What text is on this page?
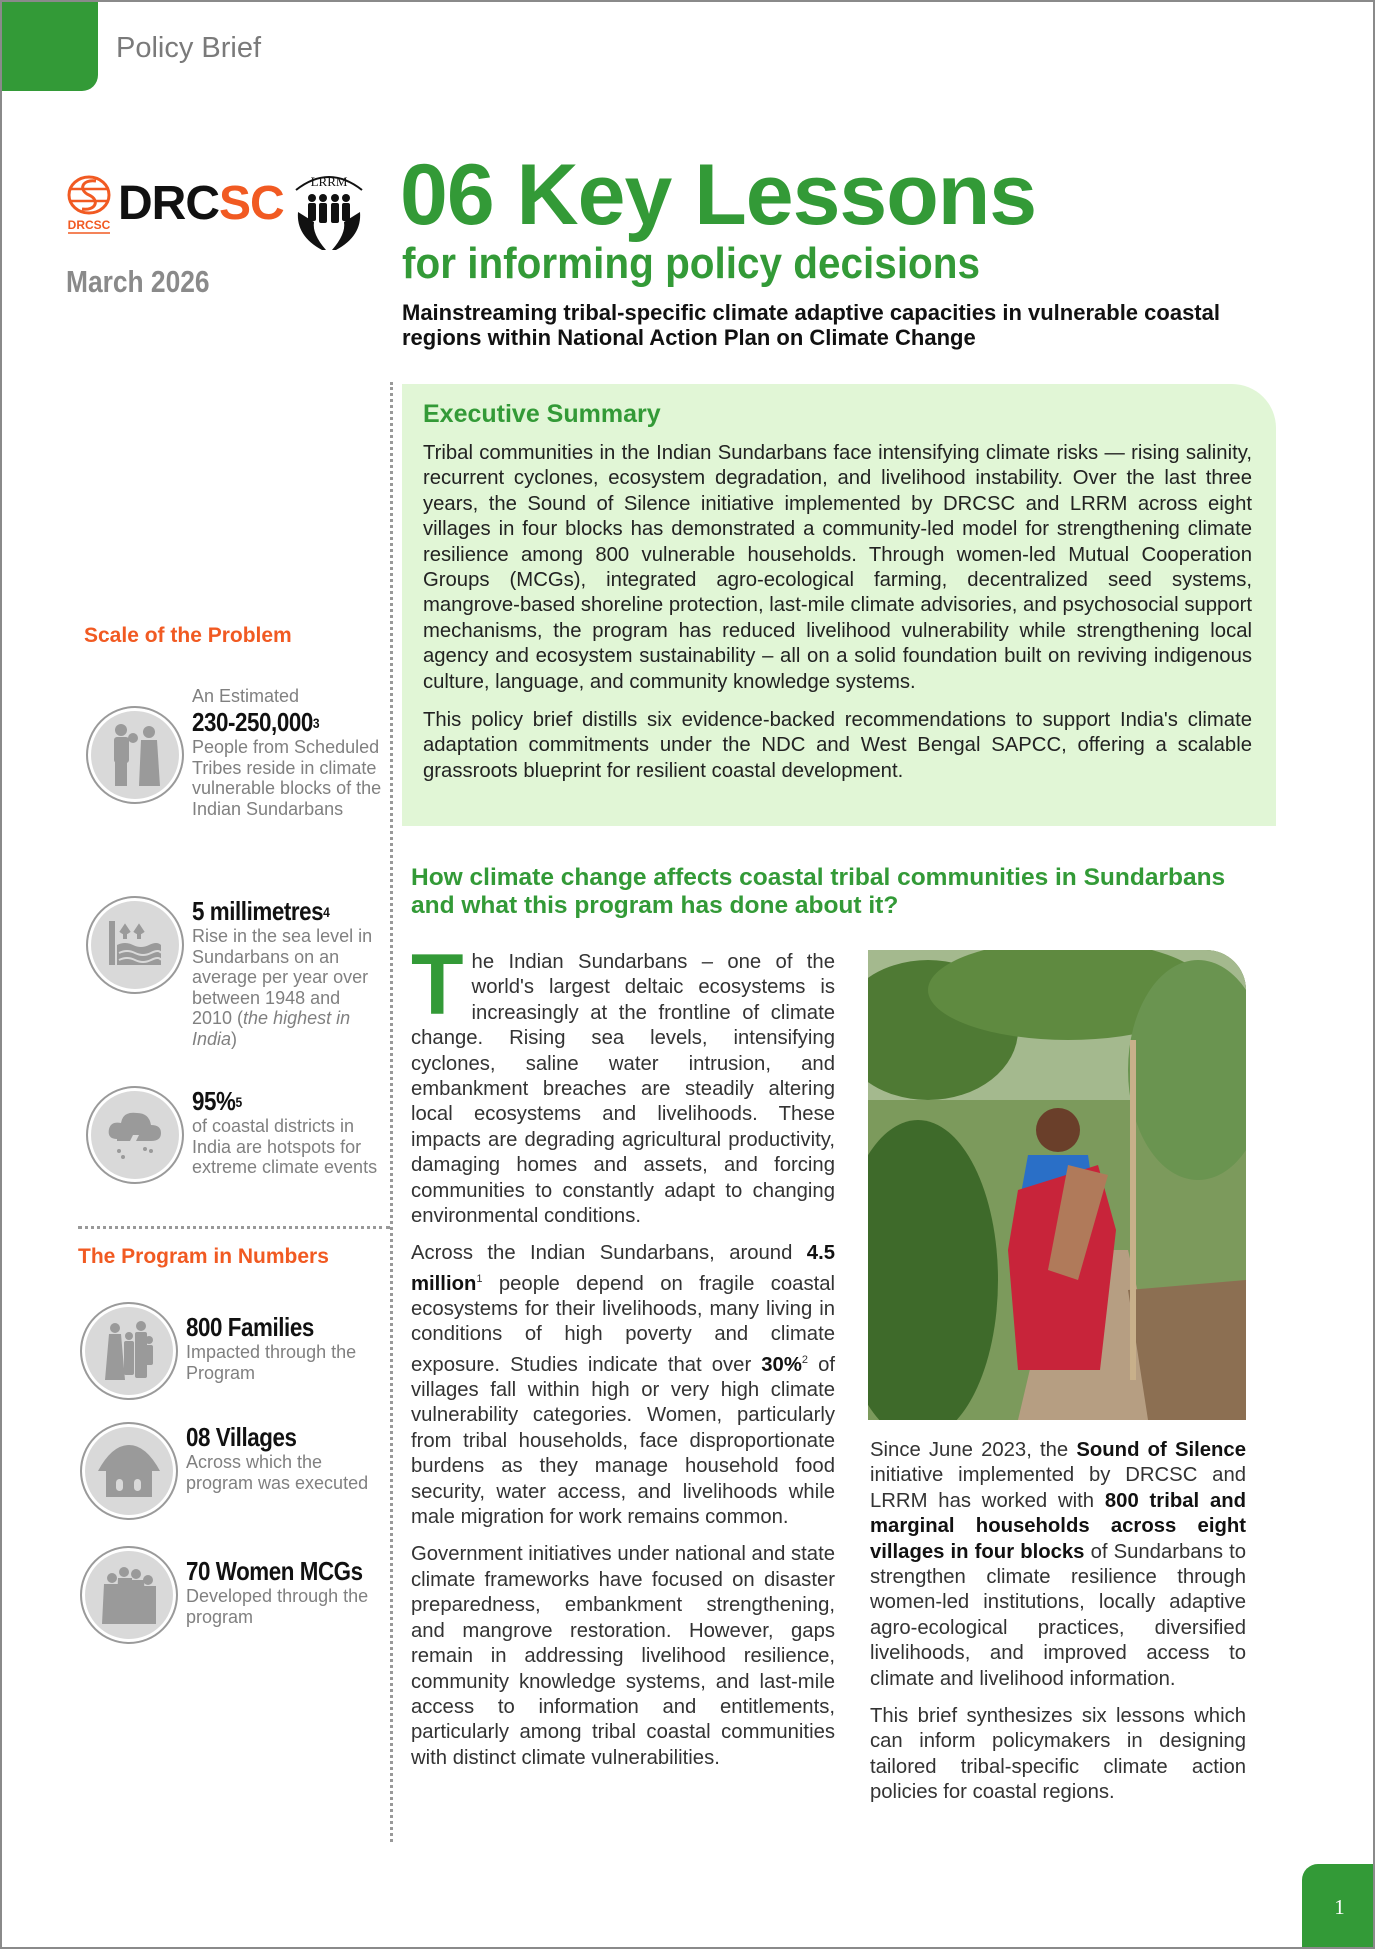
Policy Brief
DRCSC DRCSC LRRM
March 2026
06 Key Lessons
for informing policy decisions
Mainstreaming tribal-specific climate adaptive capacities in vulnerable coastal regions within National Action Plan on Climate Change
Executive Summary

Tribal communities in the Indian Sundarbans face intensifying climate risks — rising salinity, recurrent cyclones, ecosystem degradation, and livelihood instability. Over the last three years, the Sound of Silence initiative implemented by DRCSC and LRRM across eight villages in four blocks has demonstrated a community-led model for strengthening climate resilience among 800 vulnerable households. Through women-led Mutual Cooperation Groups (MCGs), integrated agro-ecological farming, decentralized seed systems, mangrove-based shoreline protection, last-mile climate advisories, and psychosocial support mechanisms, the program has reduced livelihood vulnerability while strengthening local agency and ecosystem sustainability – all on a solid foundation built on reviving indigenous culture, language, and community knowledge systems.

This policy brief distills six evidence-backed recommendations to support India's climate adaptation commitments under the NDC and West Bengal SAPCC, offering a scalable grassroots blueprint for resilient coastal development.

Scale of the Problem
An Estimated
230-250,000$^3$
People from Scheduled Tribes reside in climate vulnerable blocks of the Indian Sundarbans
5 millimetres$^4$
Rise in the sea level in Sundarbans on an average per year over between 1948 and 2010 (the highest in India)
95%$^5$
of coastal districts in India are hotspots for extreme climate events
The Program in Numbers
800 Families
Impacted through the Program
08 Villages
Across which the program was executed
70 Women MCGs
Developed through the program
How climate change affects coastal tribal communities in Sundarbans and what this program has done about it?

The Indian Sundarbans – one of the world's largest deltaic ecosystems is increasingly at the frontline of climate change. Rising sea levels, intensifying cyclones, saline water intrusion, and embankment breaches are steadily altering local ecosystems and livelihoods. These impacts are degrading agricultural productivity, damaging homes and assets, and forcing communities to constantly adapt to changing environmental conditions.

Across the Indian Sundarbans, around 4.5 million$^1$ people depend on fragile coastal ecosystems for their livelihoods, many living in conditions of high poverty and climate exposure. Studies indicate that over 30%$^2$ of villages fall within high or very high climate vulnerability categories. Women, particularly from tribal households, face disproportionate burdens as they manage household food security, water access, and livelihoods while male migration for work remains common.

Government initiatives under national and state climate frameworks have focused on disaster preparedness, embankment strengthening, and mangrove restoration. However, gaps remain in addressing livelihood resilience, community knowledge systems, and last-mile access to information and entitlements, particularly among tribal coastal communities with distinct climate vulnerabilities.

Since June 2023, the Sound of Silence initiative implemented by DRCSC and LRRM has worked with 800 tribal and marginal households across eight villages in four blocks of Sundarbans to strengthen climate resilience through women-led institutions, locally adaptive agro-ecological practices, diversified livelihoods, and improved access to climate and livelihood information.

This brief synthesizes six lessons which can inform policymakers in designing tailored tribal-specific climate action policies for coastal regions.

1
